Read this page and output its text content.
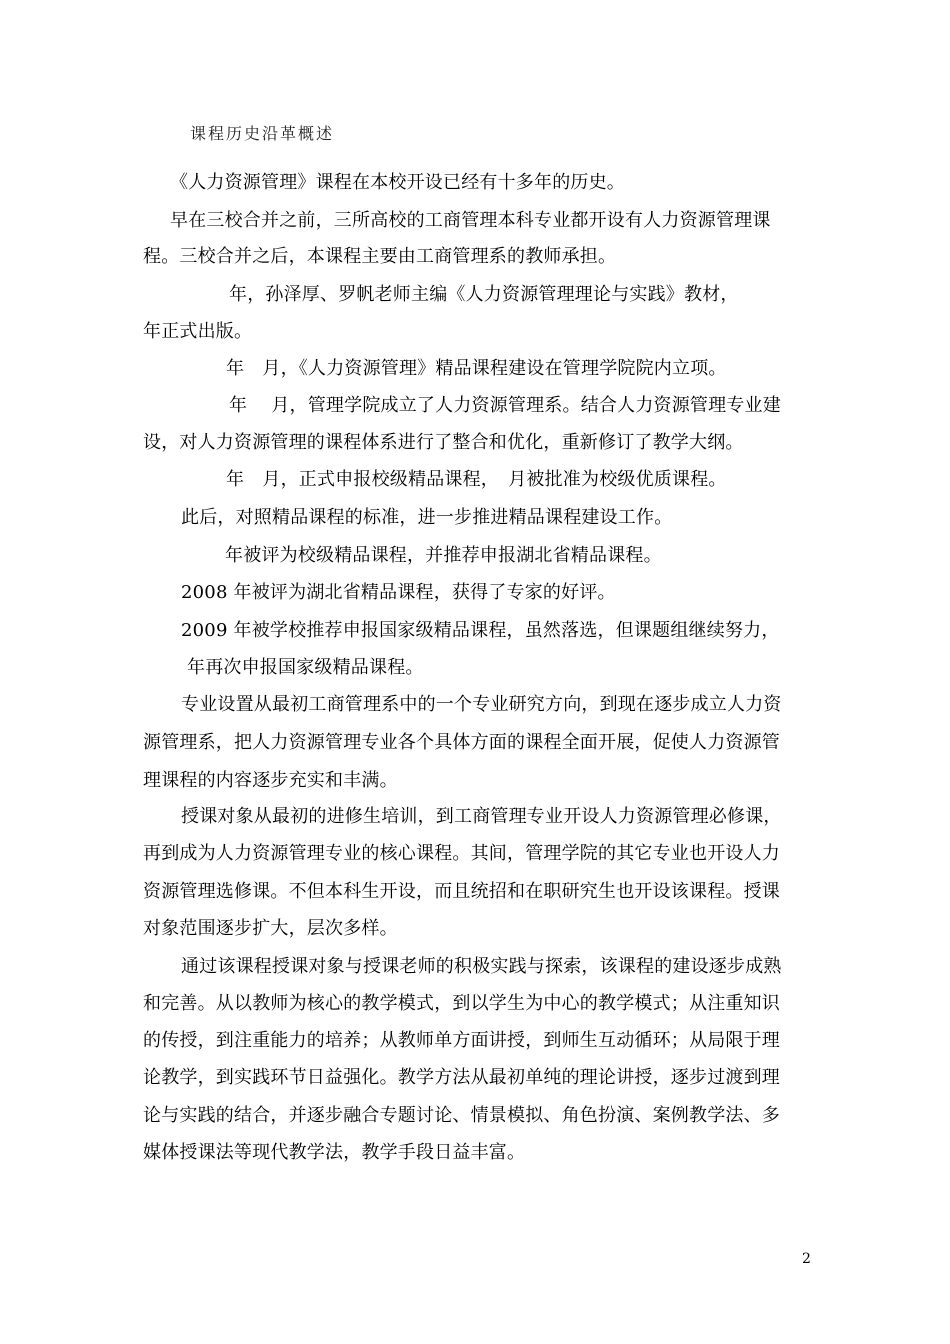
课程历史沿革概述
《人力资源管理》课程在本校开设已经有十多年的历史。
早在三校合并之前，三所高校的工商管理本科专业都开设有人力资源管理课
程。三校合并之后，本课程主要由工商管理系的教师承担。
年，孙泽厚、罗帆老师主编《人力资源管理理论与实践》教材，
年正式出版。
年　月，《人力资源管理》精品课程建设在管理学院院内立项。
年　 月，管理学院成立了人力资源管理系。结合人力资源管理专业建
设，对人力资源管理的课程体系进行了整合和优化，重新修订了教学大纲。
年　月，正式申报校级精品课程，　月被批准为校级优质课程。
此后，对照精品课程的标准，进一步推进精品课程建设工作。
年被评为校级精品课程，并推荐申报湖北省精品课程。
2008 年被评为湖北省精品课程，获得了专家的好评。
2009 年被学校推荐申报国家级精品课程，虽然落选，但课题组继续努力，
年再次申报国家级精品课程。
专业设置从最初工商管理系中的一个专业研究方向，到现在逐步成立人力资
源管理系，把人力资源管理专业各个具体方面的课程全面开展，促使人力资源管
理课程的内容逐步充实和丰满。
授课对象从最初的进修生培训，到工商管理专业开设人力资源管理必修课，
再到成为人力资源管理专业的核心课程。其间，管理学院的其它专业也开设人力
资源管理选修课。不但本科生开设，而且统招和在职研究生也开设该课程。授课
对象范围逐步扩大，层次多样。
通过该课程授课对象与授课老师的积极实践与探索，该课程的建设逐步成熟
和完善。从以教师为核心的教学模式，到以学生为中心的教学模式；从注重知识
的传授，到注重能力的培养；从教师单方面讲授，到师生互动循环；从局限于理
论教学，到实践环节日益强化。教学方法从最初单纯的理论讲授，逐步过渡到理
论与实践的结合，并逐步融合专题讨论、情景模拟、角色扮演、案例教学法、多
媒体授课法等现代教学法，教学手段日益丰富。
2
